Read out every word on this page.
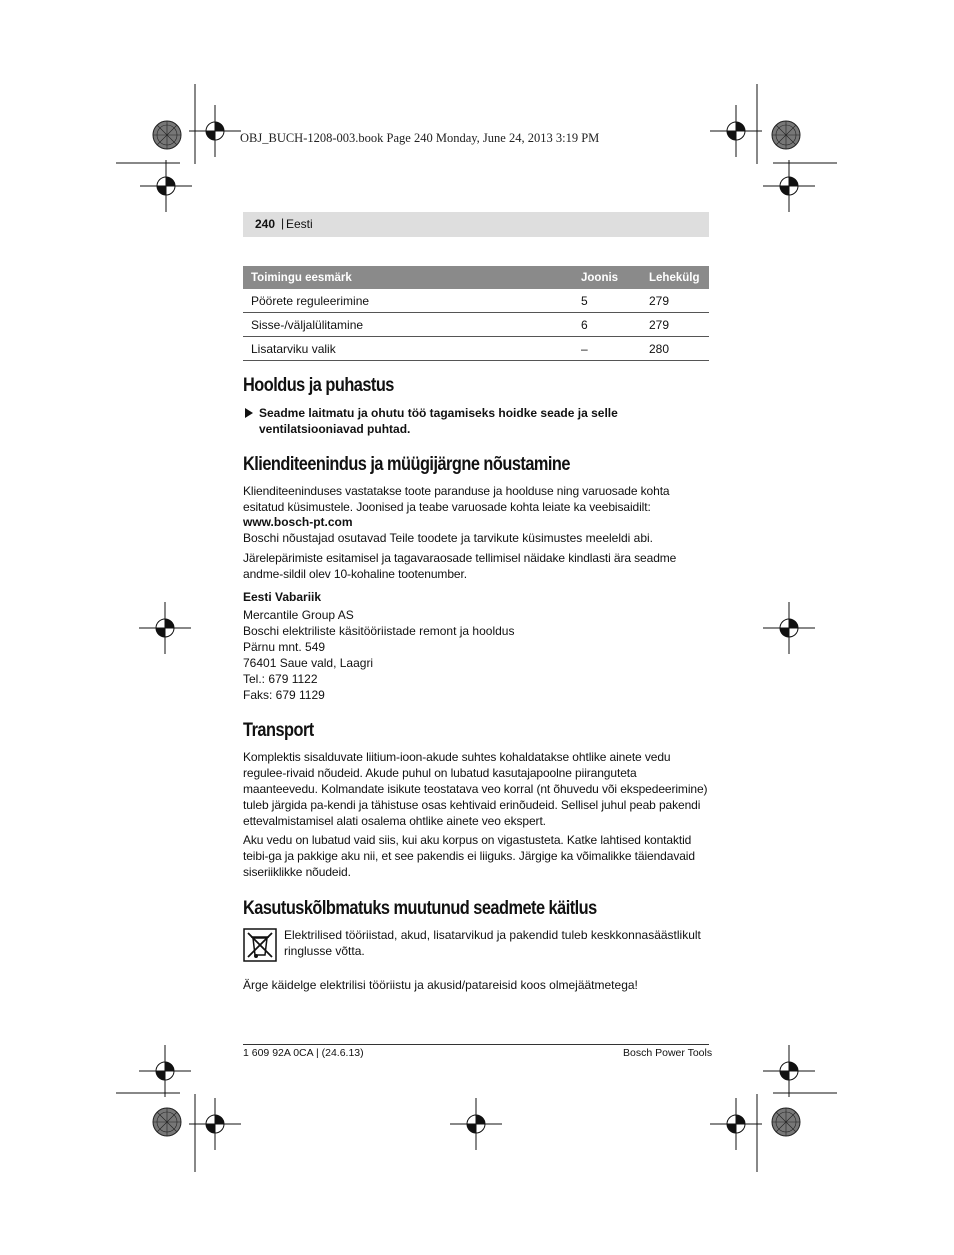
OBJ_BUCH-1208-003.book Page 240 Monday, June 24, 2013 3:19 PM
240 | Eesti
Toimingu eesmärk	Joonis	Lehekülg
Pöörete reguleerimine	5	279
Sisse-/väljalülitamine	6	279
Lisatarviku valik	–	280
Hooldus ja puhastus
Seadme laitmatu ja ohutu töö tagamiseks hoidke seade ja selle ventilatsiooniavad puhtad.
Klienditeenindus ja müügijärgne nõustamine
Klienditeeninduses vastatakse toote paranduse ja hoolduse ning varuosade kohta esitatud küsimustele. Joonised ja teabe varuosade kohta leiate ka veebisaidilt:
www.bosch-pt.com
Boschi nõustajad osutavad Teile toodete ja tarvikute küsimustes meeleldi abi.
Järelepärimiste esitamisel ja tagavaraosade tellimisel näidake kindlasti ära seadme andme-sildil olev 10-kohaline tootenumber.
Eesti Vabariik
Mercantile Group AS
Boschi elektriliste käsitööriistade remont ja hooldus
Pärnu mnt. 549
76401 Saue vald, Laagri
Tel.: 679 1122
Faks: 679 1129
Transport
Komplektis sisalduvate liitium-ioon-akude suhtes kohaldatakse ohtlike ainete vedu regulee-rivaid nõudeid. Akude puhul on lubatud kasutajapoolne piiranguteta maanteevedu. Kolmandate isikute teostatava veo korral (nt õhuvedu või ekspedeerimine) tuleb järgida pa-kendi ja tähistuse osas kehtivaid erinõudeid. Sellisel juhul peab pakendi ettevalmistamisel alati osalema ohtlike ainete veo ekspert.
Aku vedu on lubatud vaid siis, kui aku korpus on vigastusteta. Katke lahtised kontaktid teibi-ga ja pakkige aku nii, et see pakendis ei liiguks. Järgige ka võimalikke täiendavaid siseriiklikke nõudeid.
Kasutuskõlbmatuks muutunud seadmete käitlus
Elektrilised tööriistad, akud, lisatarvikud ja pakendid tuleb keskkonnasäästlikult ringlusse võtta.
Ärge käidelge elektrilisi tööriistu ja akusid/patareisid koos olmejäätmetega!
1 609 92A 0CA | (24.6.13)	Bosch Power Tools
